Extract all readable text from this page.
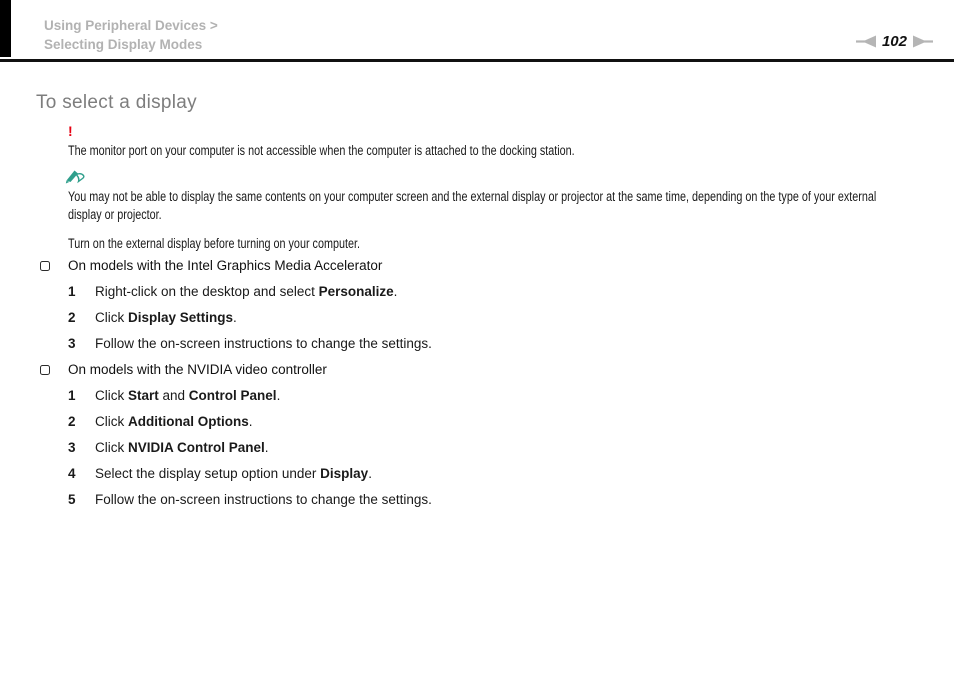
Using Peripheral Devices >
Selecting Display Modes	102
To select a display
!
The monitor port on your computer is not accessible when the computer is attached to the docking station.
You may not be able to display the same contents on your computer screen and the external display or projector at the same time, depending on the type of your external display or projector.
Turn on the external display before turning on your computer.
On models with the Intel Graphics Media Accelerator
1	Right-click on the desktop and select Personalize.
2	Click Display Settings.
3	Follow the on-screen instructions to change the settings.
On models with the NVIDIA video controller
1	Click Start and Control Panel.
2	Click Additional Options.
3	Click NVIDIA Control Panel.
4	Select the display setup option under Display.
5	Follow the on-screen instructions to change the settings.
